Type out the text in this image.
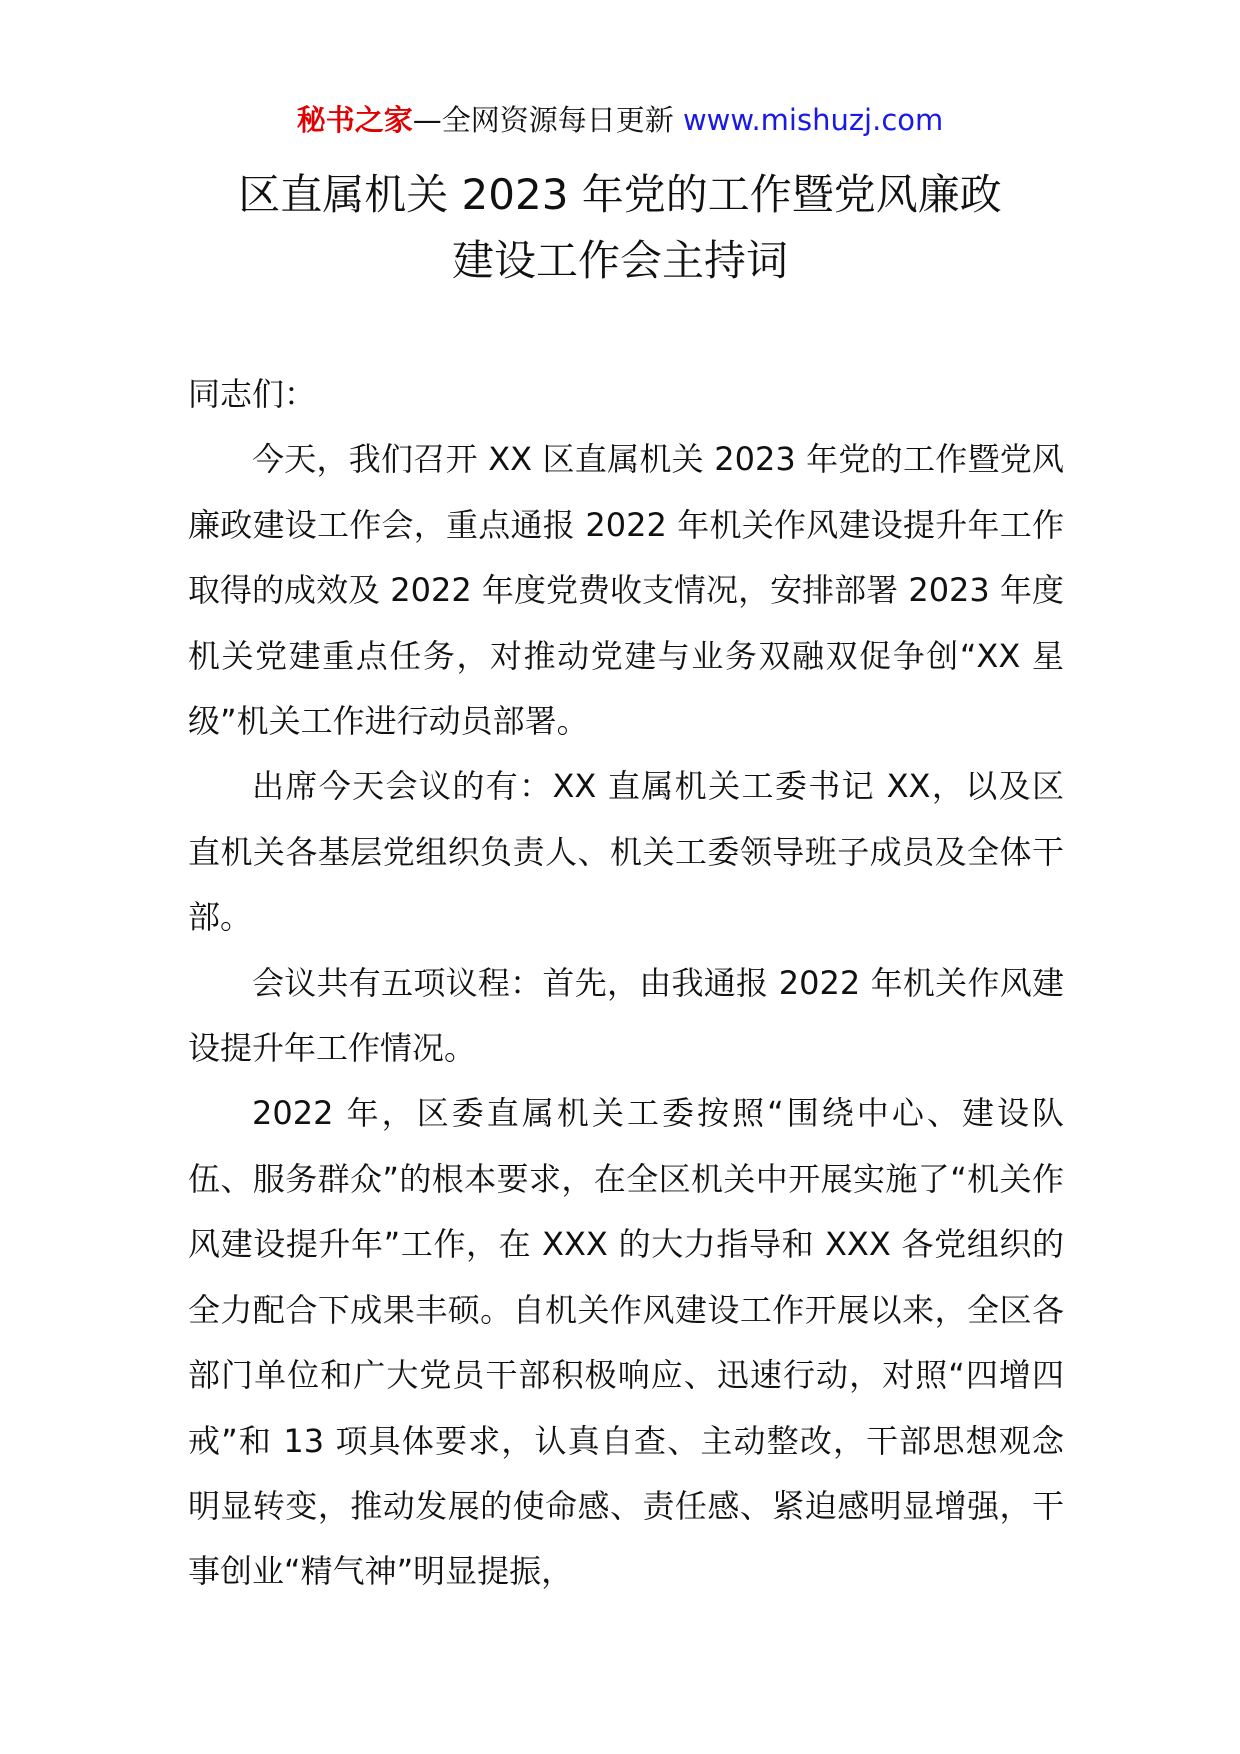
秘书之家—全网资源每日更新 www.mishuzj.com
区直属机关 2023 年党的工作暨党风廉政
建设工作会主持词

同志们：

今天，我们召开 XX 区直属机关 2023 年党的工作暨党风廉政建设工作会，重点通报 2022 年机关作风建设提升年工作取得的成效及 2022 年度党费收支情况，安排部署 2023 年度机关党建重点任务，对推动党建与业务双融双促争创“XX 星级”机关工作进行动员部署。

出席今天会议的有：XX 直属机关工委书记 XX，以及区直机关各基层党组织负责人、机关工委领导班子成员及全体干部。

会议共有五项议程：首先，由我通报 2022 年机关作风建设提升年工作情况。

2022 年，区委直属机关工委按照“围绕中心、建设队伍、服务群众”的根本要求，在全区机关中开展实施了“机关作风建设提升年”工作，在 XXX 的大力指导和 XXX 各党组织的全力配合下成果丰硕。自机关作风建设工作开展以来，全区各部门单位和广大党员干部积极响应、迅速行动，对照“四增四戒”和 13 项具体要求，认真自查、主动整改，干部思想观念明显转变，推动发展的使命感、责任感、紧迫感明显增强，干事创业“精气神”明显提振，
